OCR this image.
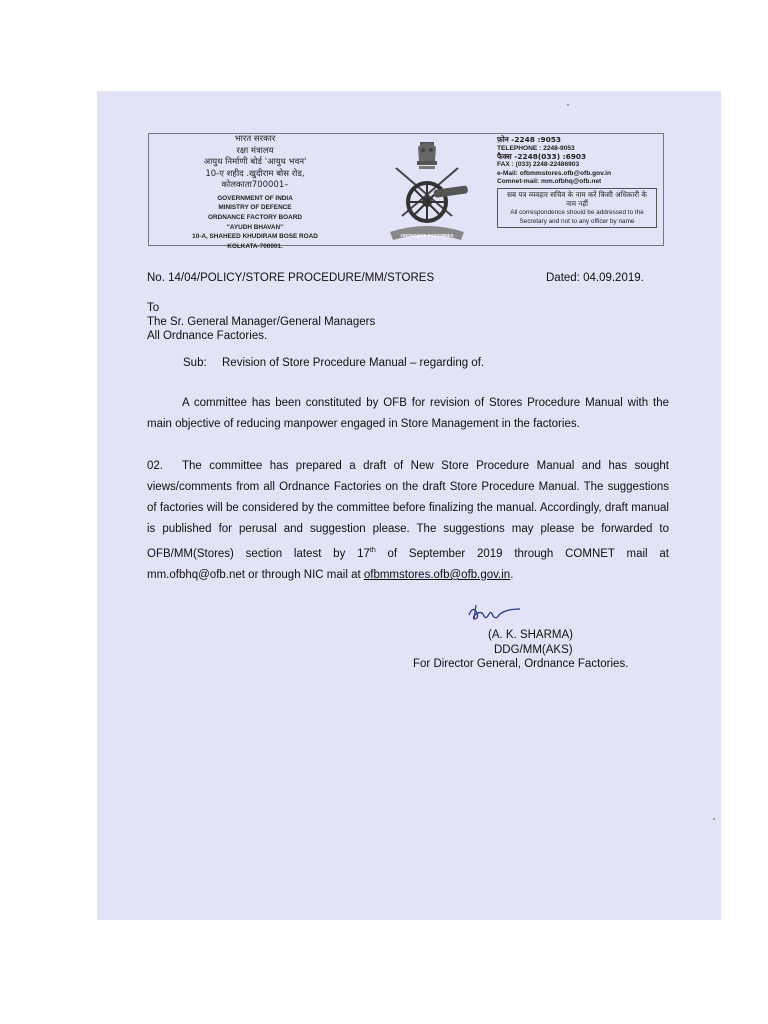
भारत सरकार
रक्षा मंत्रालय
आयुध निर्माणी बोर्ड 'आयुध भवन'
10-ए शहीद .खुदीराम बोस रोड,
कोलकाता700001–
GOVERNMENT OF INDIA
MINISTRY OF DEFENCE
ORDNANCE FACTORY BOARD
"AYUDH BHAVAN"
10-A, SHAHEED KHUDIRAM BOSE ROAD
KOLKATA-700001.
ORDNANCE FACTORIES
फ़ोन -2248 :9053
TELEPHONE : 2248-9053
फैक्स -2248(033) :6903
FAX : (033) 2248-22486903
e-Mail: ofbmmstores.ofb@ofb.gov.in
Comnet-mail: mm.ofbhq@ofb.net
सब पत्र व्यवहार सचिव के नाम करें किसी अधिकारी के नाम नहीं
All correspondence should be addressed to the Secretary and not to any officer by name
No. 14/04/POLICY/STORE PROCEDURE/MM/STORES	Dated: 04.09.2019.
To
The Sr. General Manager/General Managers
All Ordnance Factories.
Sub: Revision of Store Procedure Manual – regarding of.

A committee has been constituted by OFB for revision of Stores Procedure Manual with the main objective of reducing manpower engaged in Store Management in the factories.

02. The committee has prepared a draft of New Store Procedure Manual and has sought views/comments from all Ordnance Factories on the draft Store Procedure Manual. The suggestions of factories will be considered by the committee before finalizing the manual. Accordingly, draft manual is published for perusal and suggestion please. The suggestions may please be forwarded to OFB/MM(Stores) section latest by 17th of September 2019 through COMNET mail at mm.ofbhq@ofb.net or through NIC mail at ofbmmstores.ofb@ofb.gov.in.

(A. K. SHARMA)
DDG/MM(AKS)
For Director General, Ordnance Factories.
